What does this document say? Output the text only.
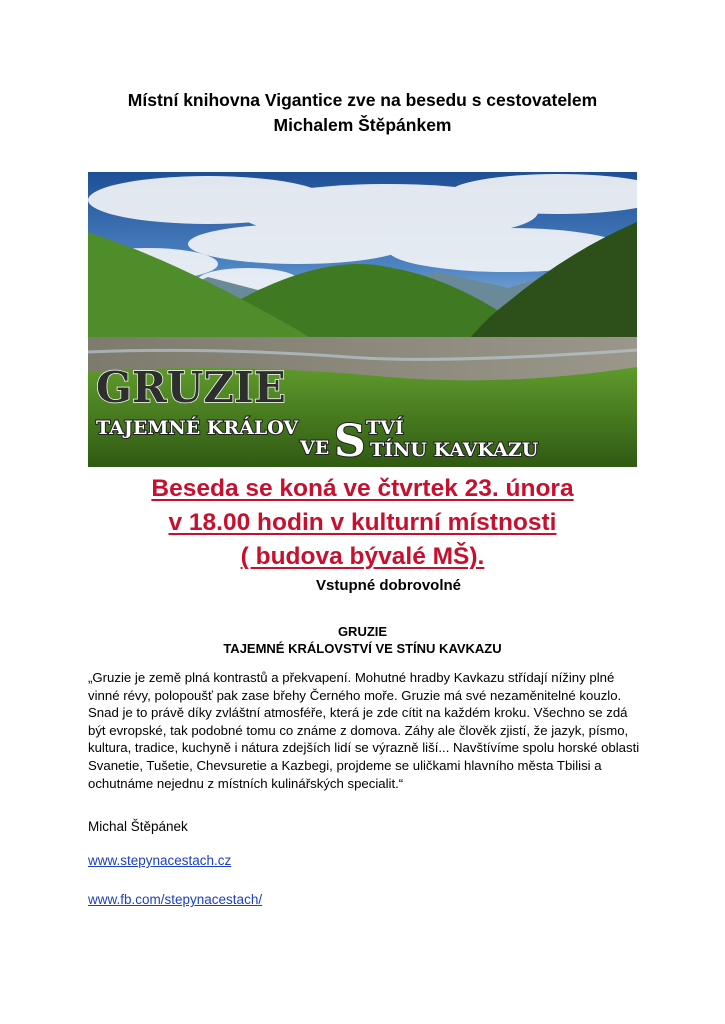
Místní knihovna Vigantice zve na besedu s cestovatelem
Michalem Štěpánkem
GRUZIE
TAJEMNÉ KRÁLOV S TVÍ
VE TÍNU KAVKAZU
Beseda se koná ve čtvrtek 23. února
v 18.00 hodin v kulturní místnosti
( budova bývalé MŠ).
Vstupné dobrovolné
GRUZIE
TAJEMNÉ KRÁLOVSTVÍ VE STÍNU KAVKAZU
„Gruzie je země plná kontrastů a překvapení. Mohutné hradby Kavkazu střídají nížiny plné vinné révy, polopoušť pak zase břehy Černého moře. Gruzie má své nezaměnitelné kouzlo. Snad je to právě díky zvláštní atmosféře, která je zde cítit na každém kroku. Všechno se zdá být evropské, tak podobné tomu co známe z domova. Záhy ale člověk zjistí, že jazyk, písmo, kultura, tradice, kuchyně i nátura zdejších lidí se výrazně liší... Navštívíme spolu horské oblasti Svanetie, Tušetie, Chevsuretie a Kazbegi, projdeme se uličkami hlavního města Tbilisi a ochutnáme nejednu z místních kulinářských specialit.“
Michal Štěpánek
www.stepynacestach.cz
www.fb.com/stepynacestach/
